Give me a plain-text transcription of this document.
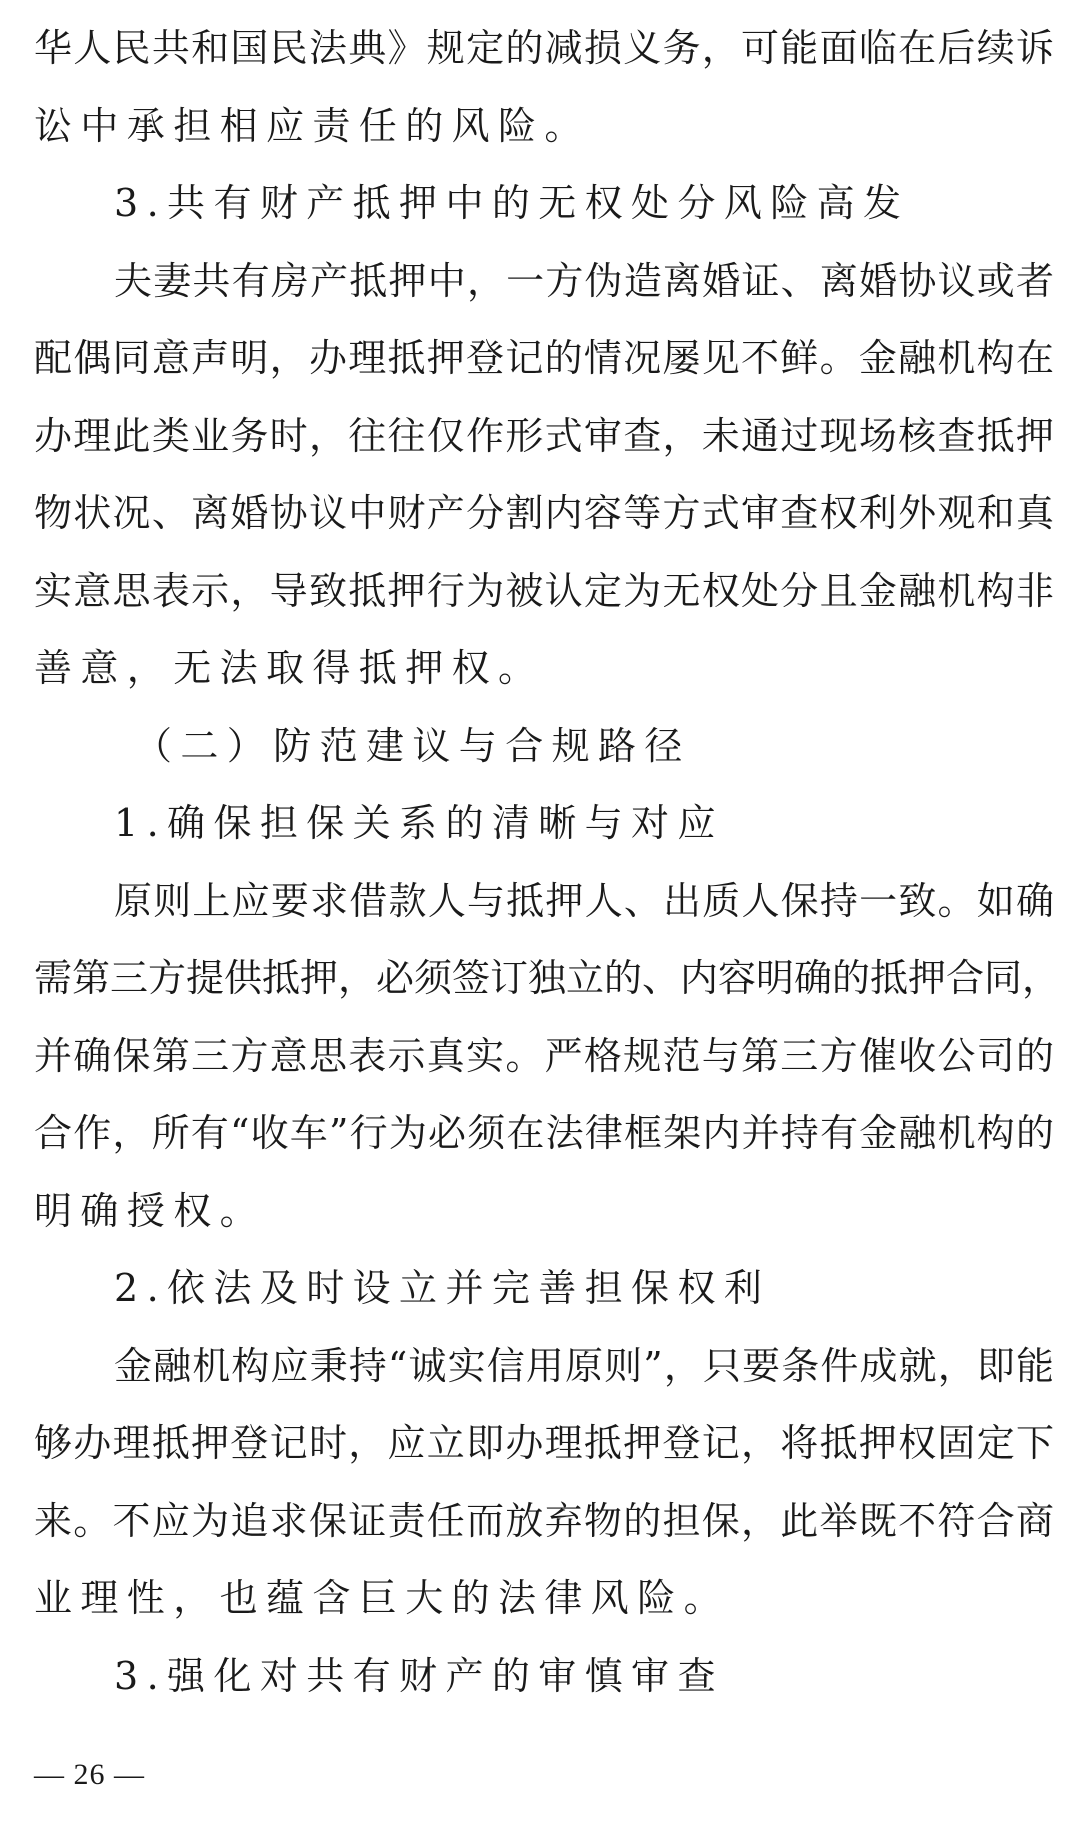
华人民共和国民法典》规定的减损义务，可能面临在后续诉
讼中承担相应责任的风险。
3.共有财产抵押中的无权处分风险高发
夫妻共有房产抵押中，一方伪造离婚证、离婚协议或者
配偶同意声明，办理抵押登记的情况屡见不鲜。金融机构在
办理此类业务时，往往仅作形式审查，未通过现场核查抵押
物状况、离婚协议中财产分割内容等方式审查权利外观和真
实意思表示，导致抵押行为被认定为无权处分且金融机构非
善意，无法取得抵押权。
（二）防范建议与合规路径
1.确保担保关系的清晰与对应
原则上应要求借款人与抵押人、出质人保持一致。如确
需第三方提供抵押，必须签订独立的、内容明确的抵押合同，
并确保第三方意思表示真实。严格规范与第三方催收公司的
合作，所有“收车”行为必须在法律框架内并持有金融机构的
明确授权。
2.依法及时设立并完善担保权利
金融机构应秉持“诚实信用原则”，只要条件成就，即能
够办理抵押登记时，应立即办理抵押登记，将抵押权固定下
来。不应为追求保证责任而放弃物的担保，此举既不符合商
业理性，也蕴含巨大的法律风险。
3.强化对共有财产的审慎审查
— 26 —
